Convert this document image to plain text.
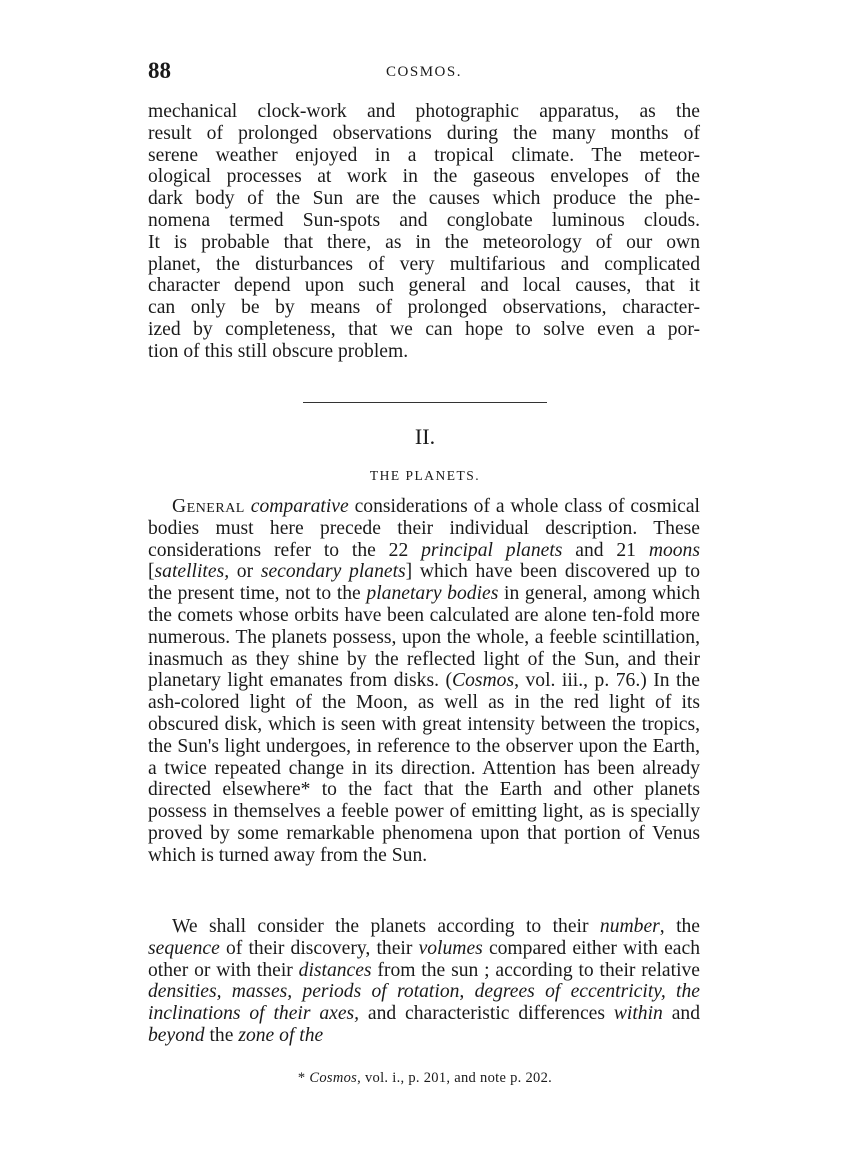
88	COSMOS.
mechanical clock-work and photographic apparatus, as the
result of prolonged observations during the many months of
serene weather enjoyed in a tropical climate. The meteor-
ological processes at work in the gaseous envelopes of the
dark body of the Sun are the causes which produce the phe-
nomena termed Sun-spots and conglobate luminous clouds.
It is probable that there, as in the meteorology of our own
planet, the disturbances of very multifarious and complicated
character depend upon such general and local causes, that it
can only be by means of prolonged observations, character-
ized by completeness, that we can hope to solve even a por-
tion of this still obscure problem.
II.
THE PLANETS.
General comparative considerations of a whole class of cosmical bodies must here precede their individual description. These considerations refer to the 22 principal planets and 21 moons [satellites, or secondary planets] which have been discovered up to the present time, not to the planetary bodies in general, among which the comets whose orbits have been calculated are alone ten-fold more numerous. The planets possess, upon the whole, a feeble scintillation, inasmuch as they shine by the reflected light of the Sun, and their planetary light emanates from disks. (Cosmos, vol. iii., p. 76.) In the ash-colored light of the Moon, as well as in the red light of its obscured disk, which is seen with great intensity between the tropics, the Sun's light undergoes, in reference to the observer upon the Earth, a twice repeated change in its direction. Attention has been already directed elsewhere* to the fact that the Earth and other planets possess in themselves a feeble power of emitting light, as is specially proved by some remarkable phenomena upon that portion of Venus which is turned away from the Sun.
We shall consider the planets according to their number, the sequence of their discovery, their volumes compared either with each other or with their distances from the sun ; according to their relative densities, masses, periods of rotation, degrees of eccentricity, the inclinations of their axes, and characteristic differences within and beyond the zone of the
* Cosmos, vol. i., p. 201, and note p. 202.
